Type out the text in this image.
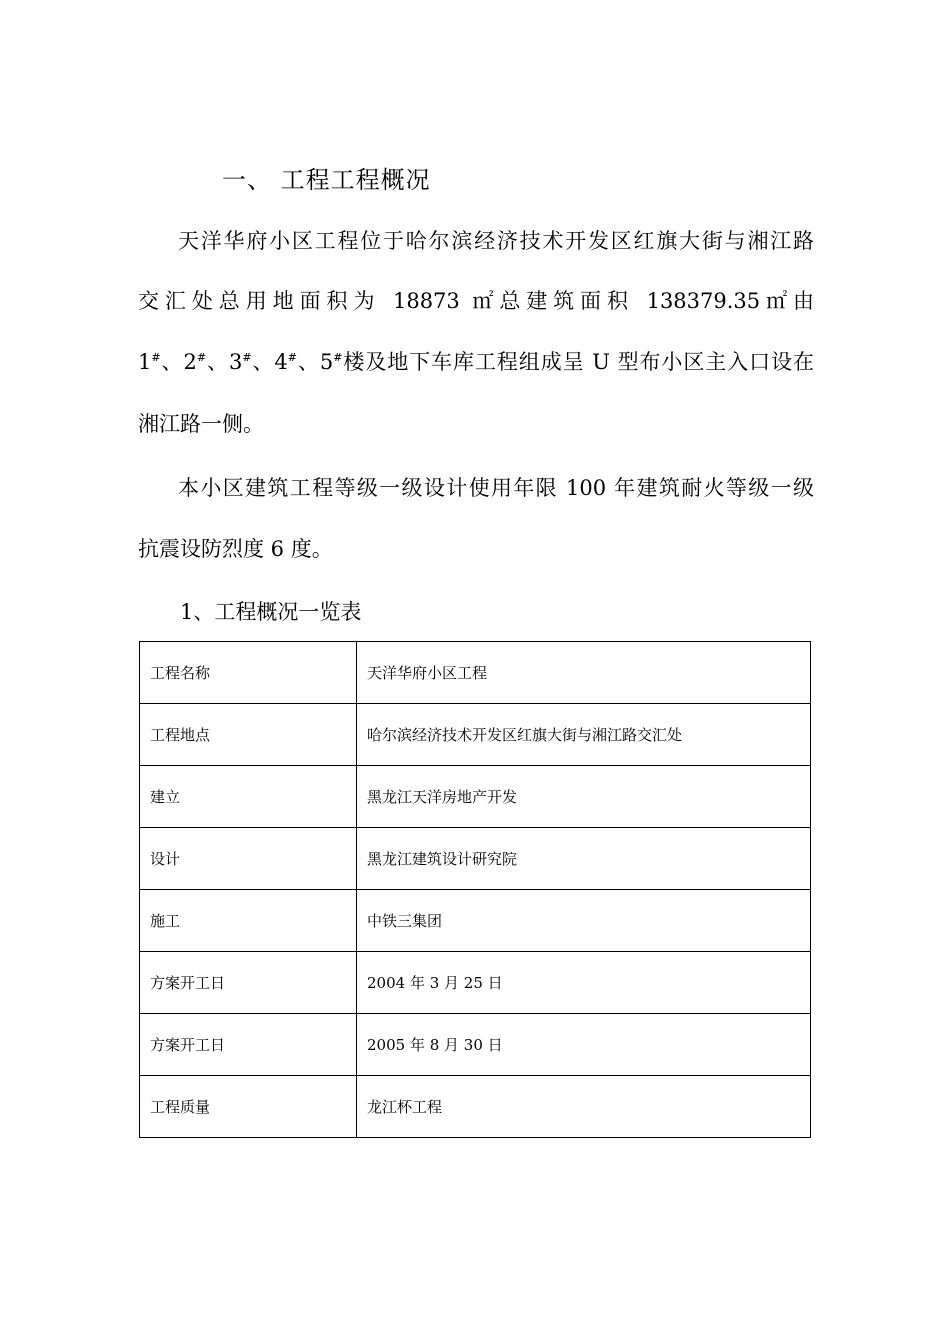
一、 工程工程概况
天洋华府小区工程位于哈尔滨经济技术开发区红旗大街与湘江路
交汇处总用地面积为 18873 ㎡总建筑面积 138379.35㎡由
1#、2#、3#、4#、5#楼及地下车库工程组成呈 U 型布小区主入口设在
湘江路一侧。
本小区建筑工程等级一级设计使用年限 100 年建筑耐火等级一级
抗震设防烈度 6 度。
1、工程概况一览表
工程名称	天洋华府小区工程
工程地点	哈尔滨经济技术开发区红旗大街与湘江路交汇处
建立	黑龙江天洋房地产开发
设计	黑龙江建筑设计研究院
施工	中铁三集团
方案开工日	2004 年 3 月 25 日
方案开工日	2005 年 8 月 30 日
工程质量	龙江杯工程
